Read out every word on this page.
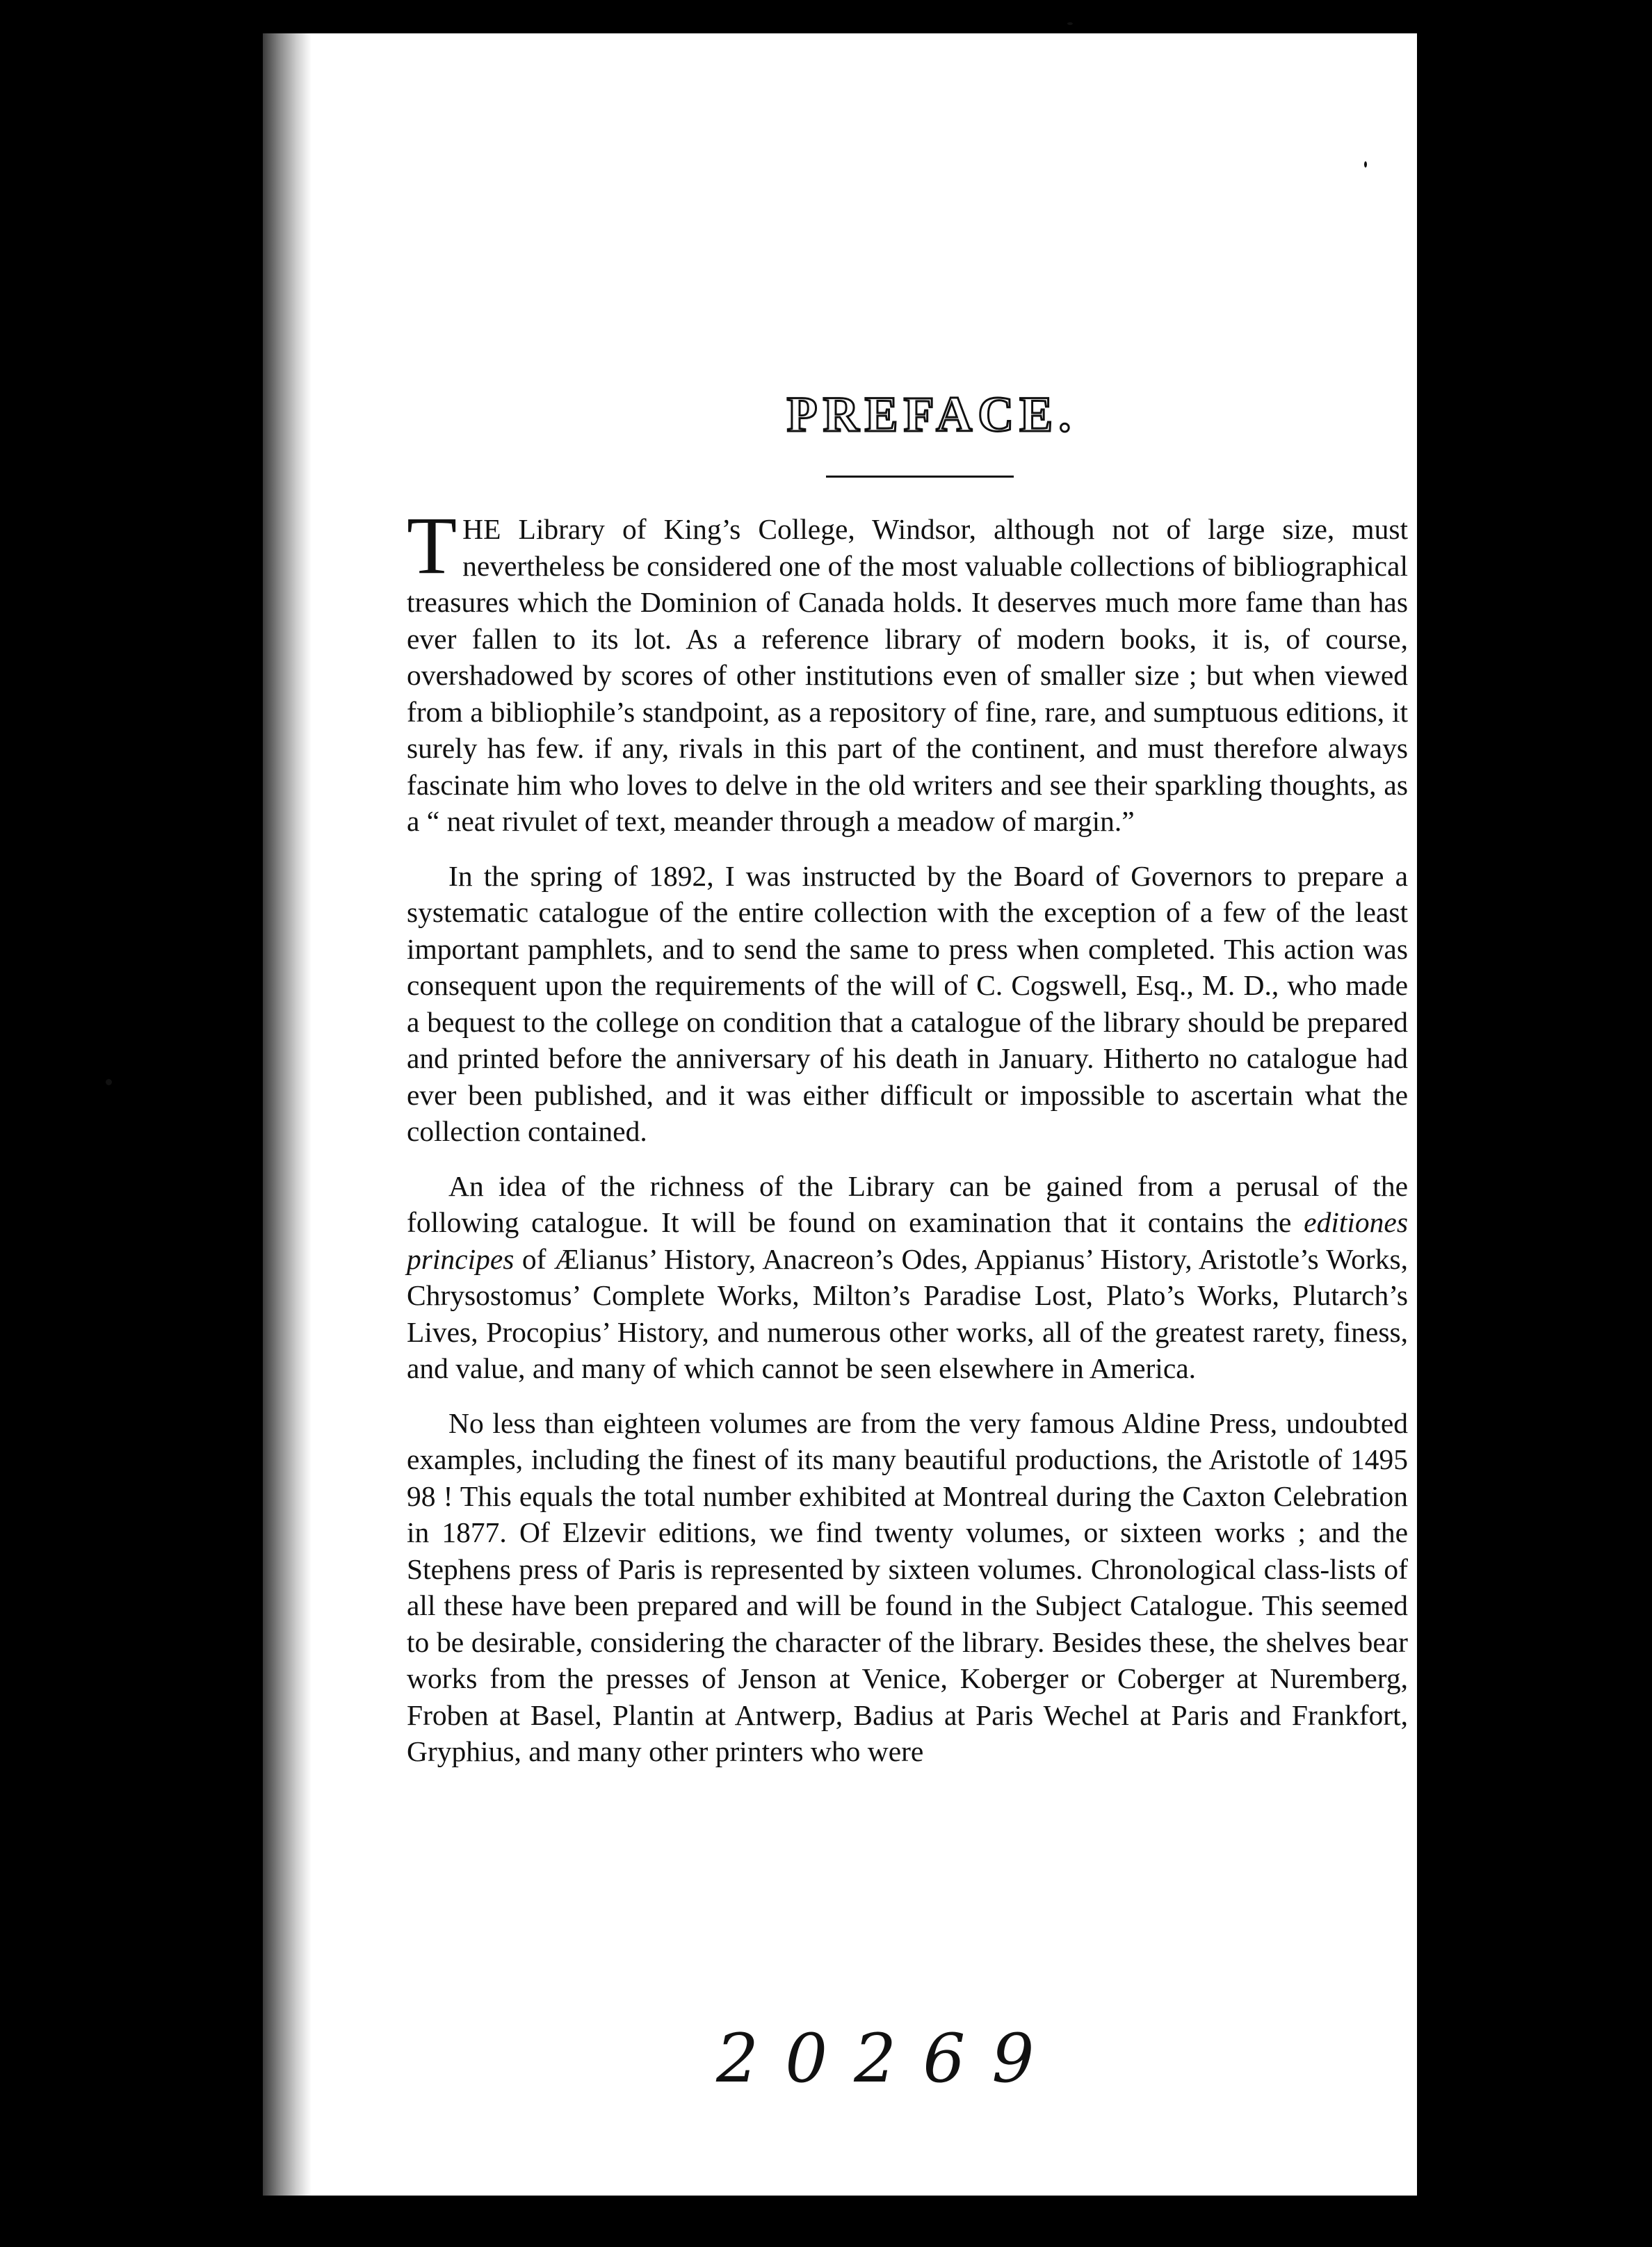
PREFACE.

THE Library of King’s College, Windsor, although not of large size, must nevertheless be considered one of the most valuable collections of bibliographical treasures which the Dominion of Canada holds. It deserves much more fame than has ever fallen to its lot. As a reference library of modern books, it is, of course, overshadowed by scores of other institutions even of smaller size ; but when viewed from a bibliophile’s standpoint, as a repository of fine, rare, and sumptuous editions, it surely has few. if any, rivals in this part of the continent, and must therefore always fascinate him who loves to delve in the old writers and see their sparkling thoughts, as a “ neat rivulet of text, meander through a meadow of margin.”

In the spring of 1892, I was instructed by the Board of Governors to prepare a systematic catalogue of the entire collection with the exception of a few of the least important pamphlets, and to send the same to press when completed. This action was consequent upon the requirements of the will of C. Cogswell, Esq., M. D., who made a bequest to the college on condition that a catalogue of the library should be prepared and printed before the anniversary of his death in January. Hitherto no catalogue had ever been published, and it was either difficult or impossible to ascertain what the collection contained.

An idea of the richness of the Library can be gained from a perusal of the following catalogue. It will be found on examination that it contains the editiones principes of Ælianus’ History, Anacreon’s Odes, Appianus’ History, Aristotle’s Works, Chrysostomus’ Complete Works, Milton’s Paradise Lost, Plato’s Works, Plutarch’s Lives, Procopius’ History, and numerous other works, all of the greatest rarety, finess, and value, and many of which cannot be seen elsewhere in America.

No less than eighteen volumes are from the very famous Aldine Press, undoubted examples, including the finest of its many beautiful productions, the Aristotle of 1495 98 ! This equals the total number exhibited at Montreal during the Caxton Celebration in 1877. Of Elzevir editions, we find twenty volumes, or sixteen works ; and the Stephens press of Paris is represented by sixteen volumes. Chronological class-lists of all these have been prepared and will be found in the Subject Catalogue. This seemed to be desirable, considering the character of the library. Besides these, the shelves bear works from the presses of Jenson at Venice, Koberger or Coberger at Nuremberg, Froben at Basel, Plantin at Antwerp, Badius at Paris Wechel at Paris and Frankfort, Gryphius, and many other printers who were

20269
